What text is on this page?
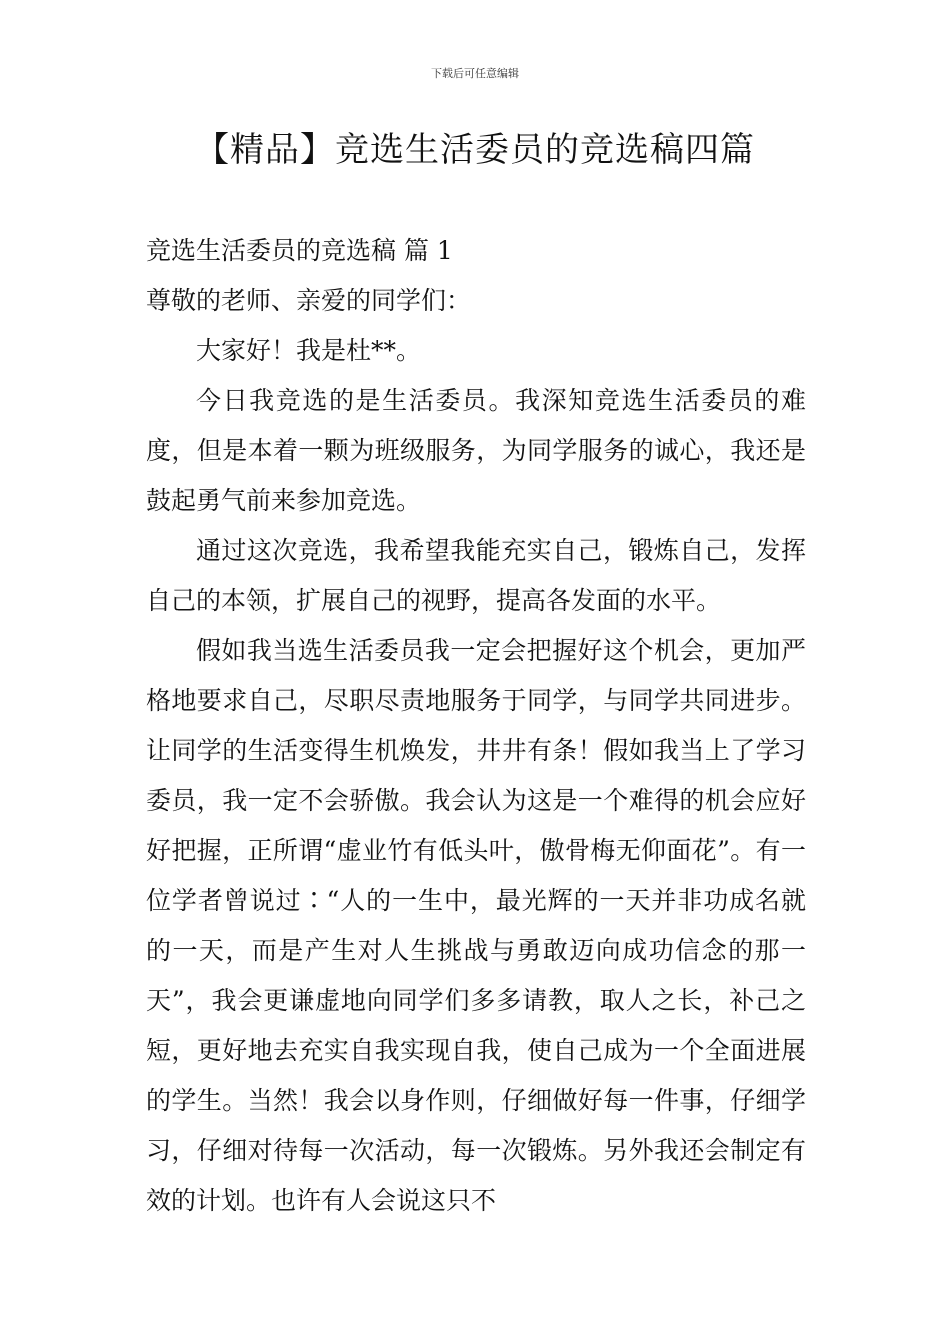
下载后可任意编辑
【精品】竞选生活委员的竞选稿四篇

竞选生活委员的竞选稿 篇 1

尊敬的老师、亲爱的同学们：

大家好！我是杜**。

今日我竞选的是生活委员。我深知竞选生活委员的难度，但是本着一颗为班级服务，为同学服务的诚心，我还是鼓起勇气前来参加竞选。

通过这次竞选，我希望我能充实自己，锻炼自己，发挥自己的本领，扩展自己的视野，提高各发面的水平。

假如我当选生活委员我一定会把握好这个机会，更加严格地要求自己，尽职尽责地服务于同学，与同学共同进步。让同学的生活变得生机焕发，井井有条！假如我当上了学习委员，我一定不会骄傲。我会认为这是一个难得的机会应好好把握，正所谓“虚业竹有低头叶，傲骨梅无仰面花”。有一位学者曾说过∶“人的一生中，最光辉的一天并非功成名就的一天，而是产生对人生挑战与勇敢迈向成功信念的那一天”，我会更谦虚地向同学们多多请教，取人之长，补己之短，更好地去充实自我实现自我，使自己成为一个全面进展的学生。当然！我会以身作则，仔细做好每一件事，仔细学习，仔细对待每一次活动，每一次锻炼。另外我还会制定有效的计划。也许有人会说这只不
